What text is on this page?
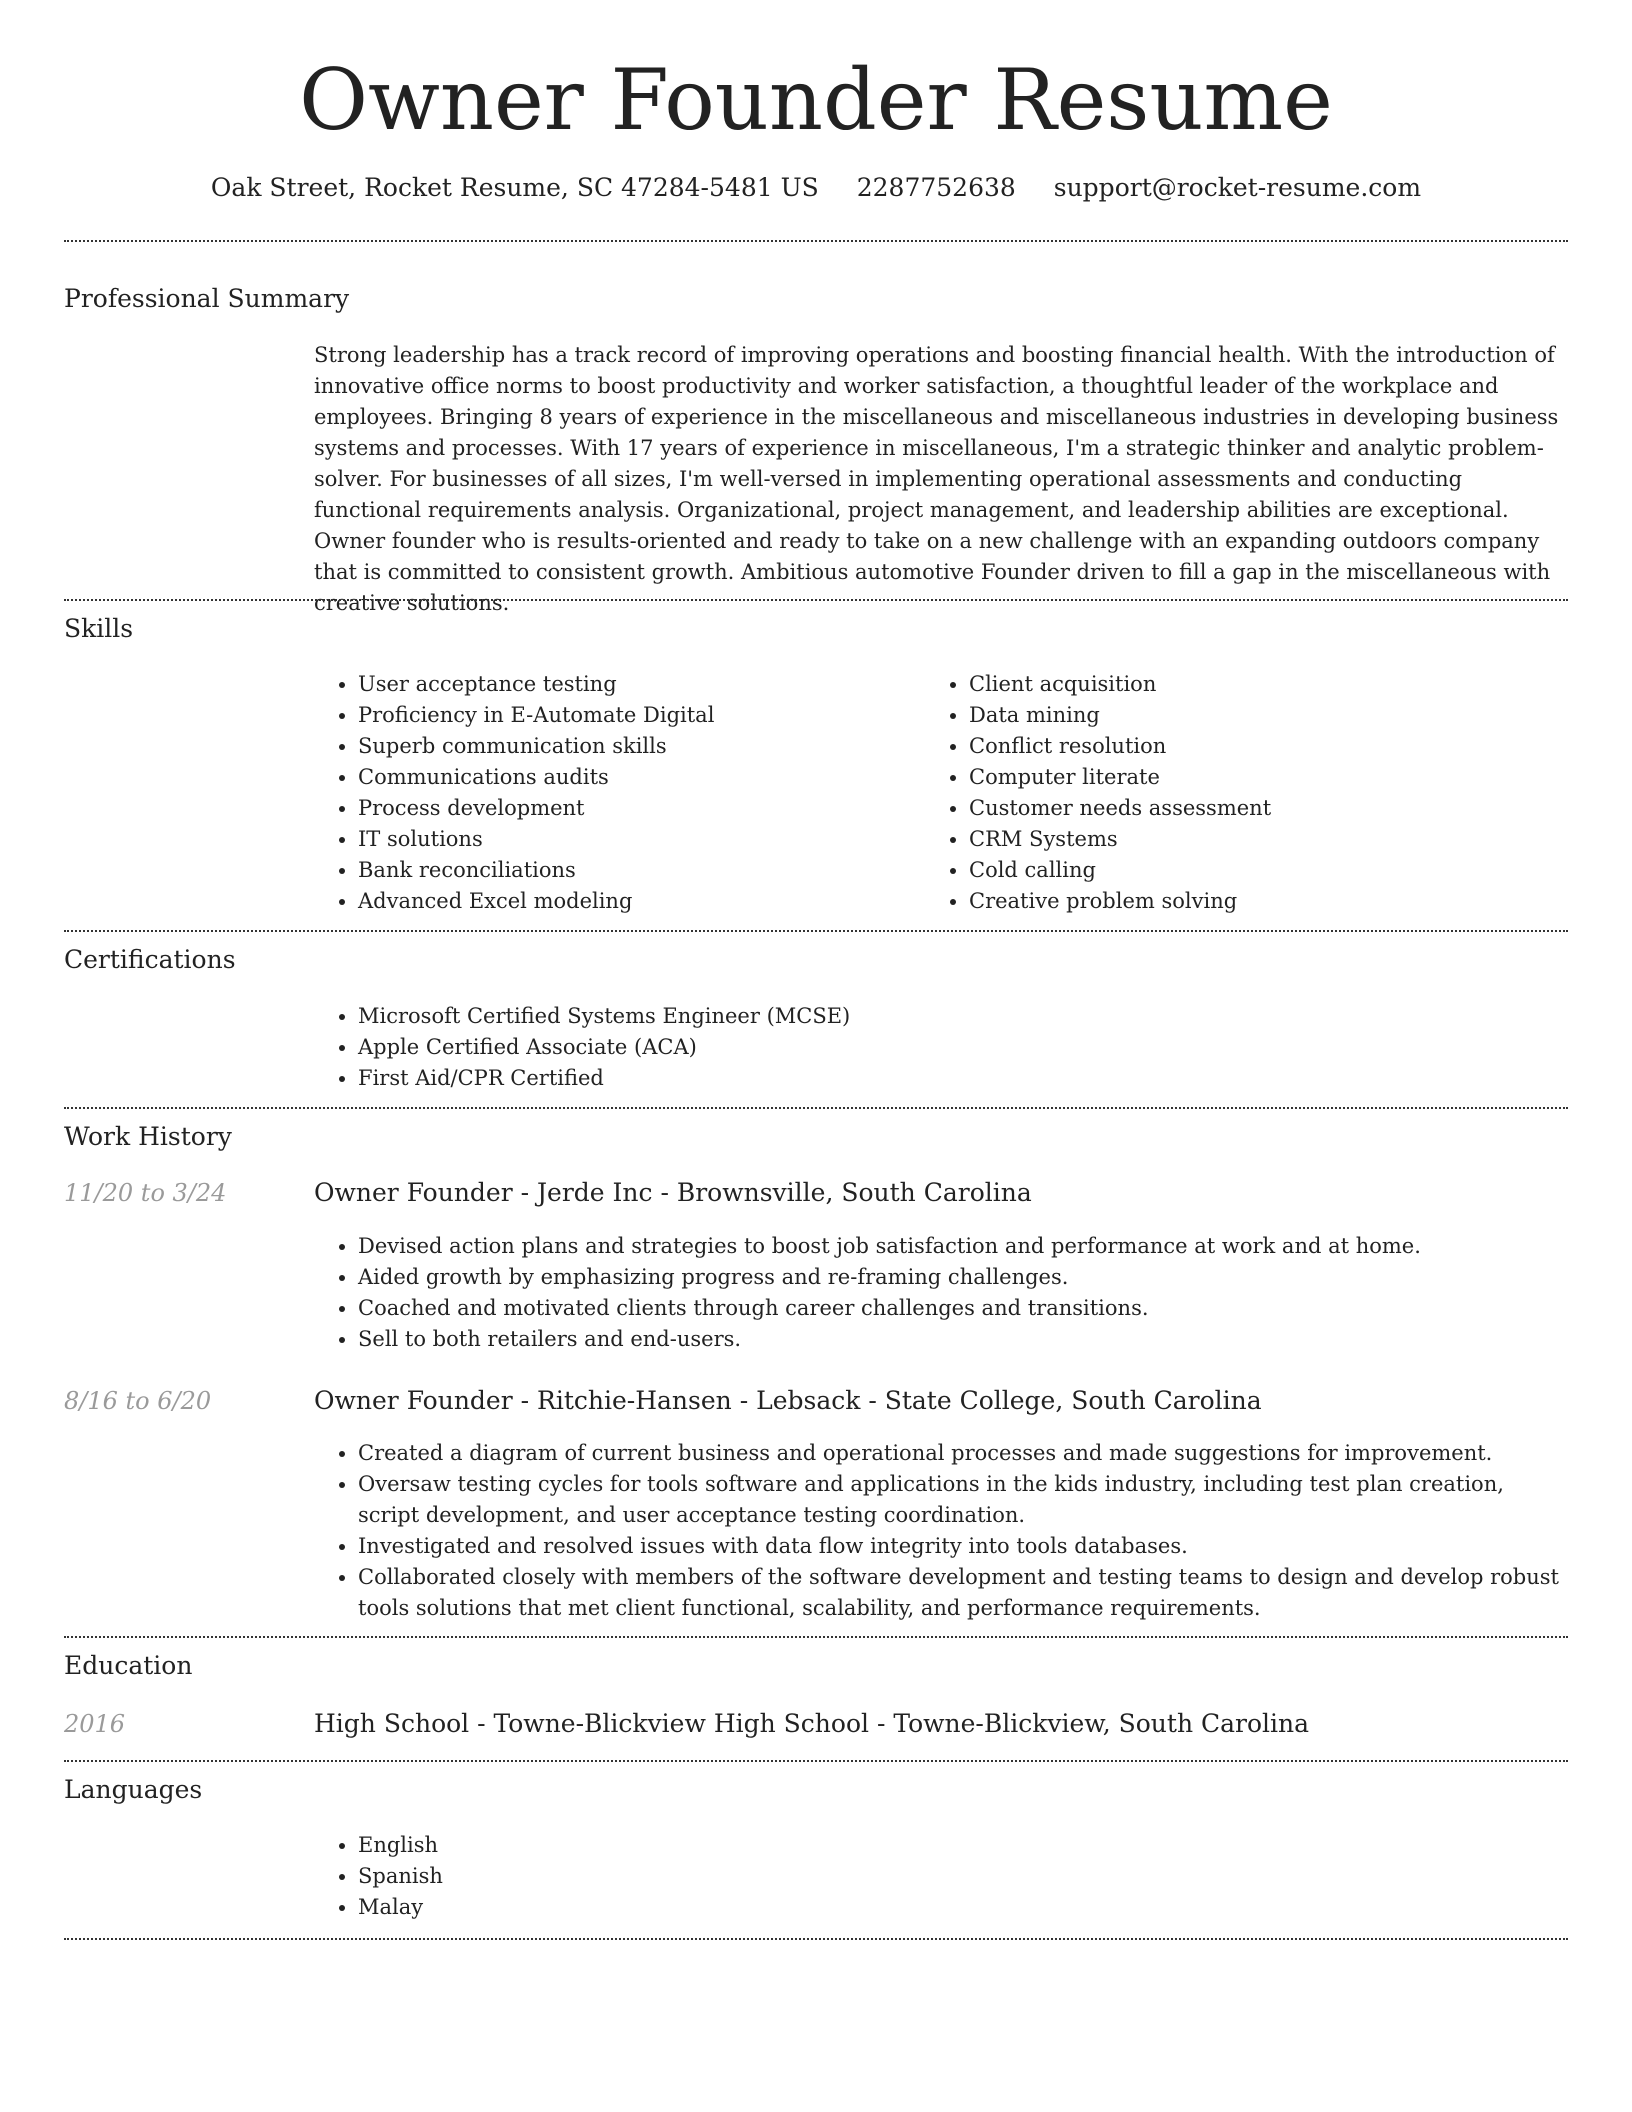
Owner Founder Resume
Oak Street, Rocket Resume, SC 47284-5481 US 2287752638 support@rocket-resume.com
Professional Summary
Strong leadership has a track record of improving operations and boosting financial health. With the introduction of innovative office norms to boost productivity and worker satisfaction, a thoughtful leader of the workplace and employees. Bringing 8 years of experience in the miscellaneous and miscellaneous industries in developing business systems and processes. With 17 years of experience in miscellaneous, I'm a strategic thinker and analytic problem-solver. For businesses of all sizes, I'm well-versed in implementing operational assessments and conducting functional requirements analysis. Organizational, project management, and leadership abilities are exceptional. Owner founder who is results-oriented and ready to take on a new challenge with an expanding outdoors company that is committed to consistent growth. Ambitious automotive Founder driven to fill a gap in the miscellaneous with creative solutions.
Skills
• User acceptance testing
• Proficiency in E-Automate Digital
• Superb communication skills
• Communications audits
• Process development
• IT solutions
• Bank reconciliations
• Advanced Excel modeling
• Client acquisition
• Data mining
• Conflict resolution
• Computer literate
• Customer needs assessment
• CRM Systems
• Cold calling
• Creative problem solving
Certifications
• Microsoft Certified Systems Engineer (MCSE)
• Apple Certified Associate (ACA)
• First Aid/CPR Certified
Work History
11/20 to 3/24	Owner Founder - Jerde Inc - Brownsville, South Carolina
• Devised action plans and strategies to boost job satisfaction and performance at work and at home.
• Aided growth by emphasizing progress and re-framing challenges.
• Coached and motivated clients through career challenges and transitions.
• Sell to both retailers and end-users.
8/16 to 6/20	Owner Founder - Ritchie-Hansen - Lebsack - State College, South Carolina
• Created a diagram of current business and operational processes and made suggestions for improvement.
• Oversaw testing cycles for tools software and applications in the kids industry, including test plan creation, script development, and user acceptance testing coordination.
• Investigated and resolved issues with data flow integrity into tools databases.
• Collaborated closely with members of the software development and testing teams to design and develop robust tools solutions that met client functional, scalability, and performance requirements.
Education
2016	High School - Towne-Blickview High School - Towne-Blickview, South Carolina
Languages
• English
• Spanish
• Malay
